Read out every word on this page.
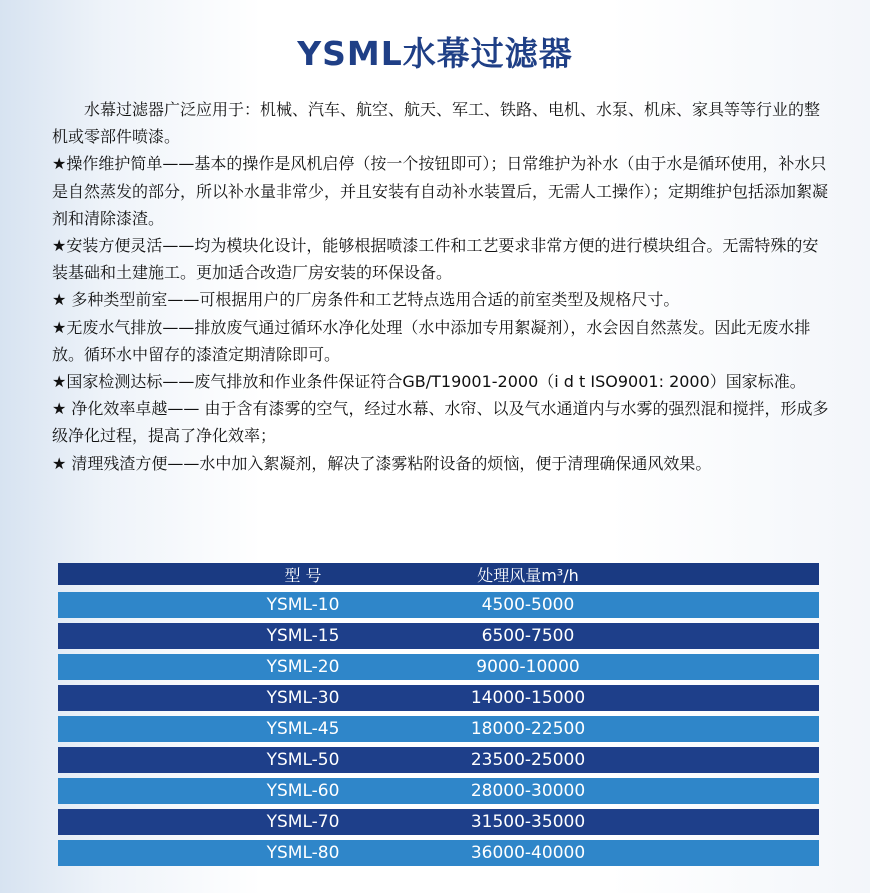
YSML水幕过滤器

水幕过滤器广泛应用于：机械、汽车、航空、航天、军工、铁路、电机、水泵、机床、家具等等行业的整机或零部件喷漆。

★操作维护简单——基本的操作是风机启停（按一个按钮即可）；日常维护为补水（由于水是循环使用，补水只是自然蒸发的部分，所以补水量非常少，并且安装有自动补水装置后，无需人工操作）；定期维护包括添加絮凝剂和清除漆渣。

★安装方便灵活——均为模块化设计，能够根据喷漆工件和工艺要求非常方便的进行模块组合。无需特殊的安装基础和土建施工。更加适合改造厂房安装的环保设备。

★ 多种类型前室——可根据用户的厂房条件和工艺特点选用合适的前室类型及规格尺寸。

★无废水气排放——排放废气通过循环水净化处理（水中添加专用絮凝剂），水会因自然蒸发。因此无废水排放。循环水中留存的漆渣定期清除即可。

★国家检测达标——废气排放和作业条件保证符合GB/T19001-2000（i d t ISO9001: 2000）国家标准。

★ 净化效率卓越—— 由于含有漆雾的空气，经过水幕、水帘、以及气水通道内与水雾的强烈混和搅拌，形成多级净化过程，提高了净化效率；

★ 清理残渣方便——水中加入絮凝剂，解决了漆雾粘附设备的烦恼，便于清理确保通风效果。

型 号	处理风量m³/h
YSML-10	4500-5000
YSML-15	6500-7500
YSML-20	9000-10000
YSML-30	14000-15000
YSML-45	18000-22500
YSML-50	23500-25000
YSML-60	28000-30000
YSML-70	31500-35000
YSML-80	36000-40000
